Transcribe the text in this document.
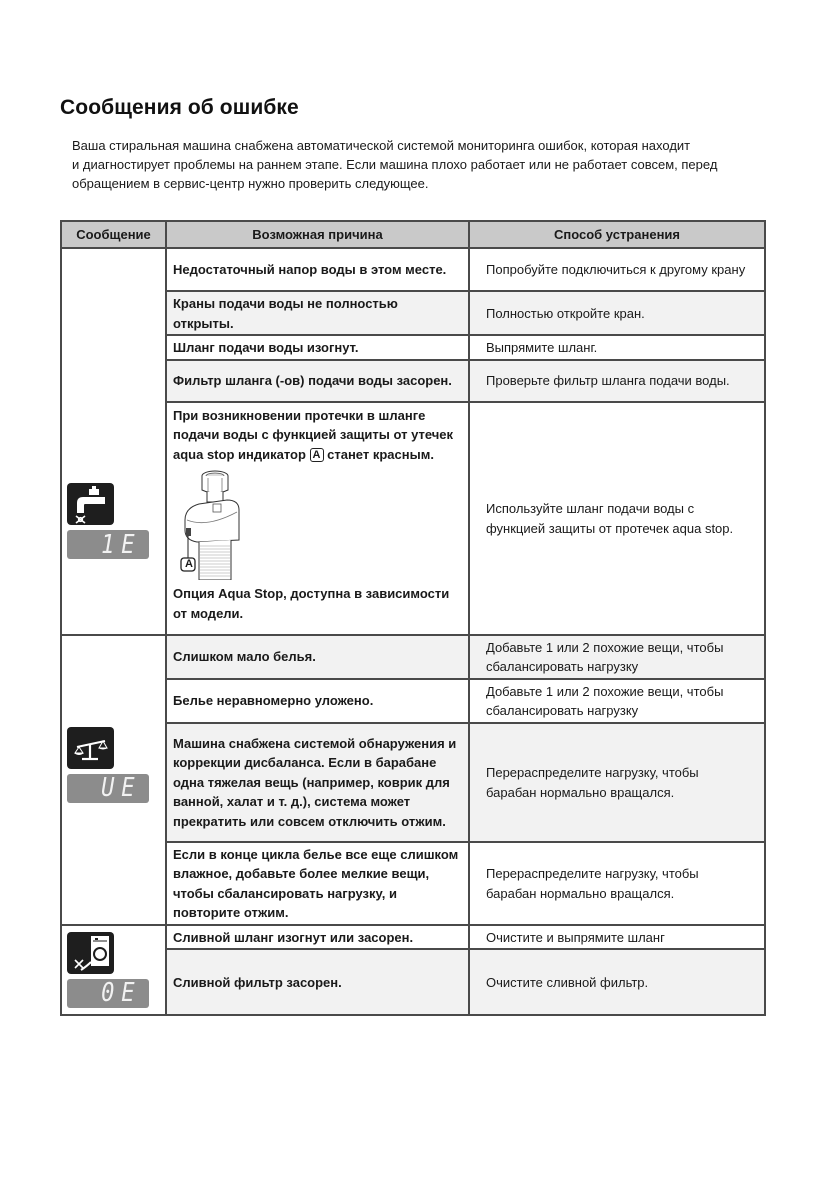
Сообщения об ошибке
Ваша стиральная машина снабжена автоматической системой мониторинга ошибок, которая находит
и диагностирует проблемы на раннем этапе. Если машина плохо работает или не работает совсем, перед
обращением в сервис-центр нужно проверить следующее.
Сообщение	Возможная причина	Способ устранения

1E	Недостаточный напор воды в этом месте.	Попробуйте подключиться к другому крану
	Краны подачи воды не полностью открыты.	Полностью откройте кран.
	Шланг подачи воды изогнут.	Выпрямите шланг.
	Фильтр шланга (-ов) подачи воды засорен.	Проверьте фильтр шланга подачи воды.

	При возникновении протечки в шланге подачи воды с функцией защиты от утечек aqua stop индикатор A станет красным.

A

Опция Aqua Stop, доступна в зависимости от модели.	Используйте шланг подачи воды с функцией защиты от протечек aqua stop.

UE	Слишком мало белья.	Добавьте 1 или 2 похожие вещи, чтобы сбалансировать нагрузку
	Белье неравномерно уложено.	Добавьте 1 или 2 похожие вещи, чтобы сбалансировать нагрузку
	Машина снабжена системой обнаружения и коррекции дисбаланса. Если в барабане одна тяжелая вещь (например, коврик для ванной, халат и т. д.), система может прекратить или совсем отключить отжим.	Перераспределите нагрузку, чтобы барабан нормально вращался.
	Если в конце цикла белье все еще слишком влажное, добавьте более мелкие вещи, чтобы сбалансировать нагрузку, и повторите отжим.	Перераспределите нагрузку, чтобы барабан нормально вращался.

0E	Сливной шланг изогнут или засорен.	Очистите и выпрямите шланг
	Сливной фильтр засорен.	Очистите сливной фильтр.
